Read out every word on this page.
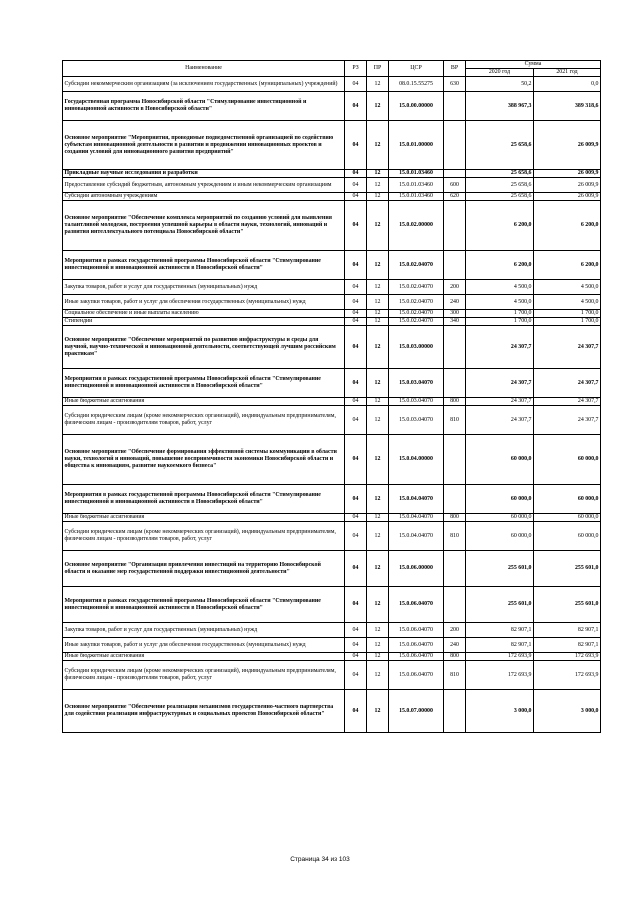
Наименование	РЗ	ПР	ЦСР	ВР	Сумма	
					2020 год	2021 год
Субсидии некоммерческим организациям (за исключением государственных (муниципальных) учреждений)	04	12	08.0.15.55275	630	50,2	0,0
Государственная программа Новосибирской области "Стимулирование инвестиционной и инновационной активности в Новосибирской области"	04	12	15.0.00.00000		388 967,3	389 318,6
Основное мероприятие "Мероприятия, проводимые подведомственной организацией по содействию субъектам инновационной деятельности в развитии и продвижении инновационных проектов и создании условий для инновационного развития предприятий"	04	12	15.0.01.00000		25 658,6	26 009,9
Прикладные научные исследования и разработки	04	12	15.0.01.03460		25 658,6	26 009,9
Предоставление субсидий бюджетным, автономным учреждениям и иным некоммерческим организациям	04	12	15.0.01.03460	600	25 658,6	26 009,9
Субсидии автономным учреждениям	04	12	15.0.01.03460	620	25 658,6	26 009,9
Основное мероприятие "Обеспечение комплекса мероприятий по созданию условий для выявления талантливой молодежи, построения успешной карьеры в области науки, технологий, инноваций и развития интеллектуального потенциала Новосибирской области"	04	12	15.0.02.00000		6 200,0	6 200,0
Мероприятия в рамках государственной программы Новосибирской области "Стимулирование инвестиционной и инновационной активности в Новосибирской области"	04	12	15.0.02.04070		6 200,0	6 200,0
Закупка товаров, работ и услуг для государственных (муниципальных) нужд	04	12	15.0.02.04070	200	4 500,0	4 500,0
Иные закупки товаров, работ и услуг для обеспечения государственных (муниципальных) нужд	04	12	15.0.02.04070	240	4 500,0	4 500,0
Социальное обеспечение и иные выплаты населению	04	12	15.0.02.04070	300	1 700,0	1 700,0
Стипендии	04	12	15.0.02.04070	340	1 700,0	1 700,0
Основное мероприятие "Обеспечение мероприятий по развитию инфраструктуры и среды для научной, научно-технической и инновационной деятельности, соответствующей лучшим российским практикам"	04	12	15.0.03.00000		24 307,7	24 307,7
Мероприятия в рамках государственной программы Новосибирской области "Стимулирование инвестиционной и инновационной активности в Новосибирской области"	04	12	15.0.03.04070		24 307,7	24 307,7
Иные бюджетные ассигнования	04	12	15.0.03.04070	800	24 307,7	24 307,7
Субсидии юридическим лицам (кроме некоммерческих организаций), индивидуальным предпринимателям, физическим лицам - производителям товаров, работ, услуг	04	12	15.0.03.04070	810	24 307,7	24 307,7
Основное мероприятие "Обеспечение формирования эффективной системы коммуникации в области науки, технологий и инноваций, повышение восприимчивости экономики Новосибирской области и общества к инновациям, развитие наукоемкого бизнеса"	04	12	15.0.04.00000		60 000,0	60 000,0
Мероприятия в рамках государственной программы Новосибирской области "Стимулирование инвестиционной и инновационной активности в Новосибирской области"	04	12	15.0.04.04070		60 000,0	60 000,0
Иные бюджетные ассигнования	04	12	15.0.04.04070	800	60 000,0	60 000,0
Субсидии юридическим лицам (кроме некоммерческих организаций), индивидуальным предпринимателям, физическим лицам - производителям товаров, работ, услуг	04	12	15.0.04.04070	810	60 000,0	60 000,0
Основное мероприятие "Организация привлечения инвестиций на территорию Новосибирской области и оказание мер государственной поддержки инвестиционной деятельности"	04	12	15.0.06.00000		255 601,0	255 601,0
Мероприятия в рамках государственной программы Новосибирской области "Стимулирование инвестиционной и инновационной активности в Новосибирской области"	04	12	15.0.06.04070		255 601,0	255 601,0
Закупка товаров, работ и услуг для государственных (муниципальных) нужд	04	12	15.0.06.04070	200	82 907,1	82 907,1
Иные закупки товаров, работ и услуг для обеспечения государственных (муниципальных) нужд	04	12	15.0.06.04070	240	82 907,1	82 907,1
Иные бюджетные ассигнования	04	12	15.0.06.04070	800	172 693,9	172 693,9
Субсидии юридическим лицам (кроме некоммерческих организаций), индивидуальным предпринимателям, физическим лицам - производителям товаров, работ, услуг	04	12	15.0.06.04070	810	172 693,9	172 693,9
Основное мероприятие "Обеспечение реализации механизмов государственно-частного партнерства для содействия реализации инфраструктурных и социальных проектов Новосибирской области"	04	12	15.0.07.00000		3 000,0	3 000,0
Страница 34 из 103
